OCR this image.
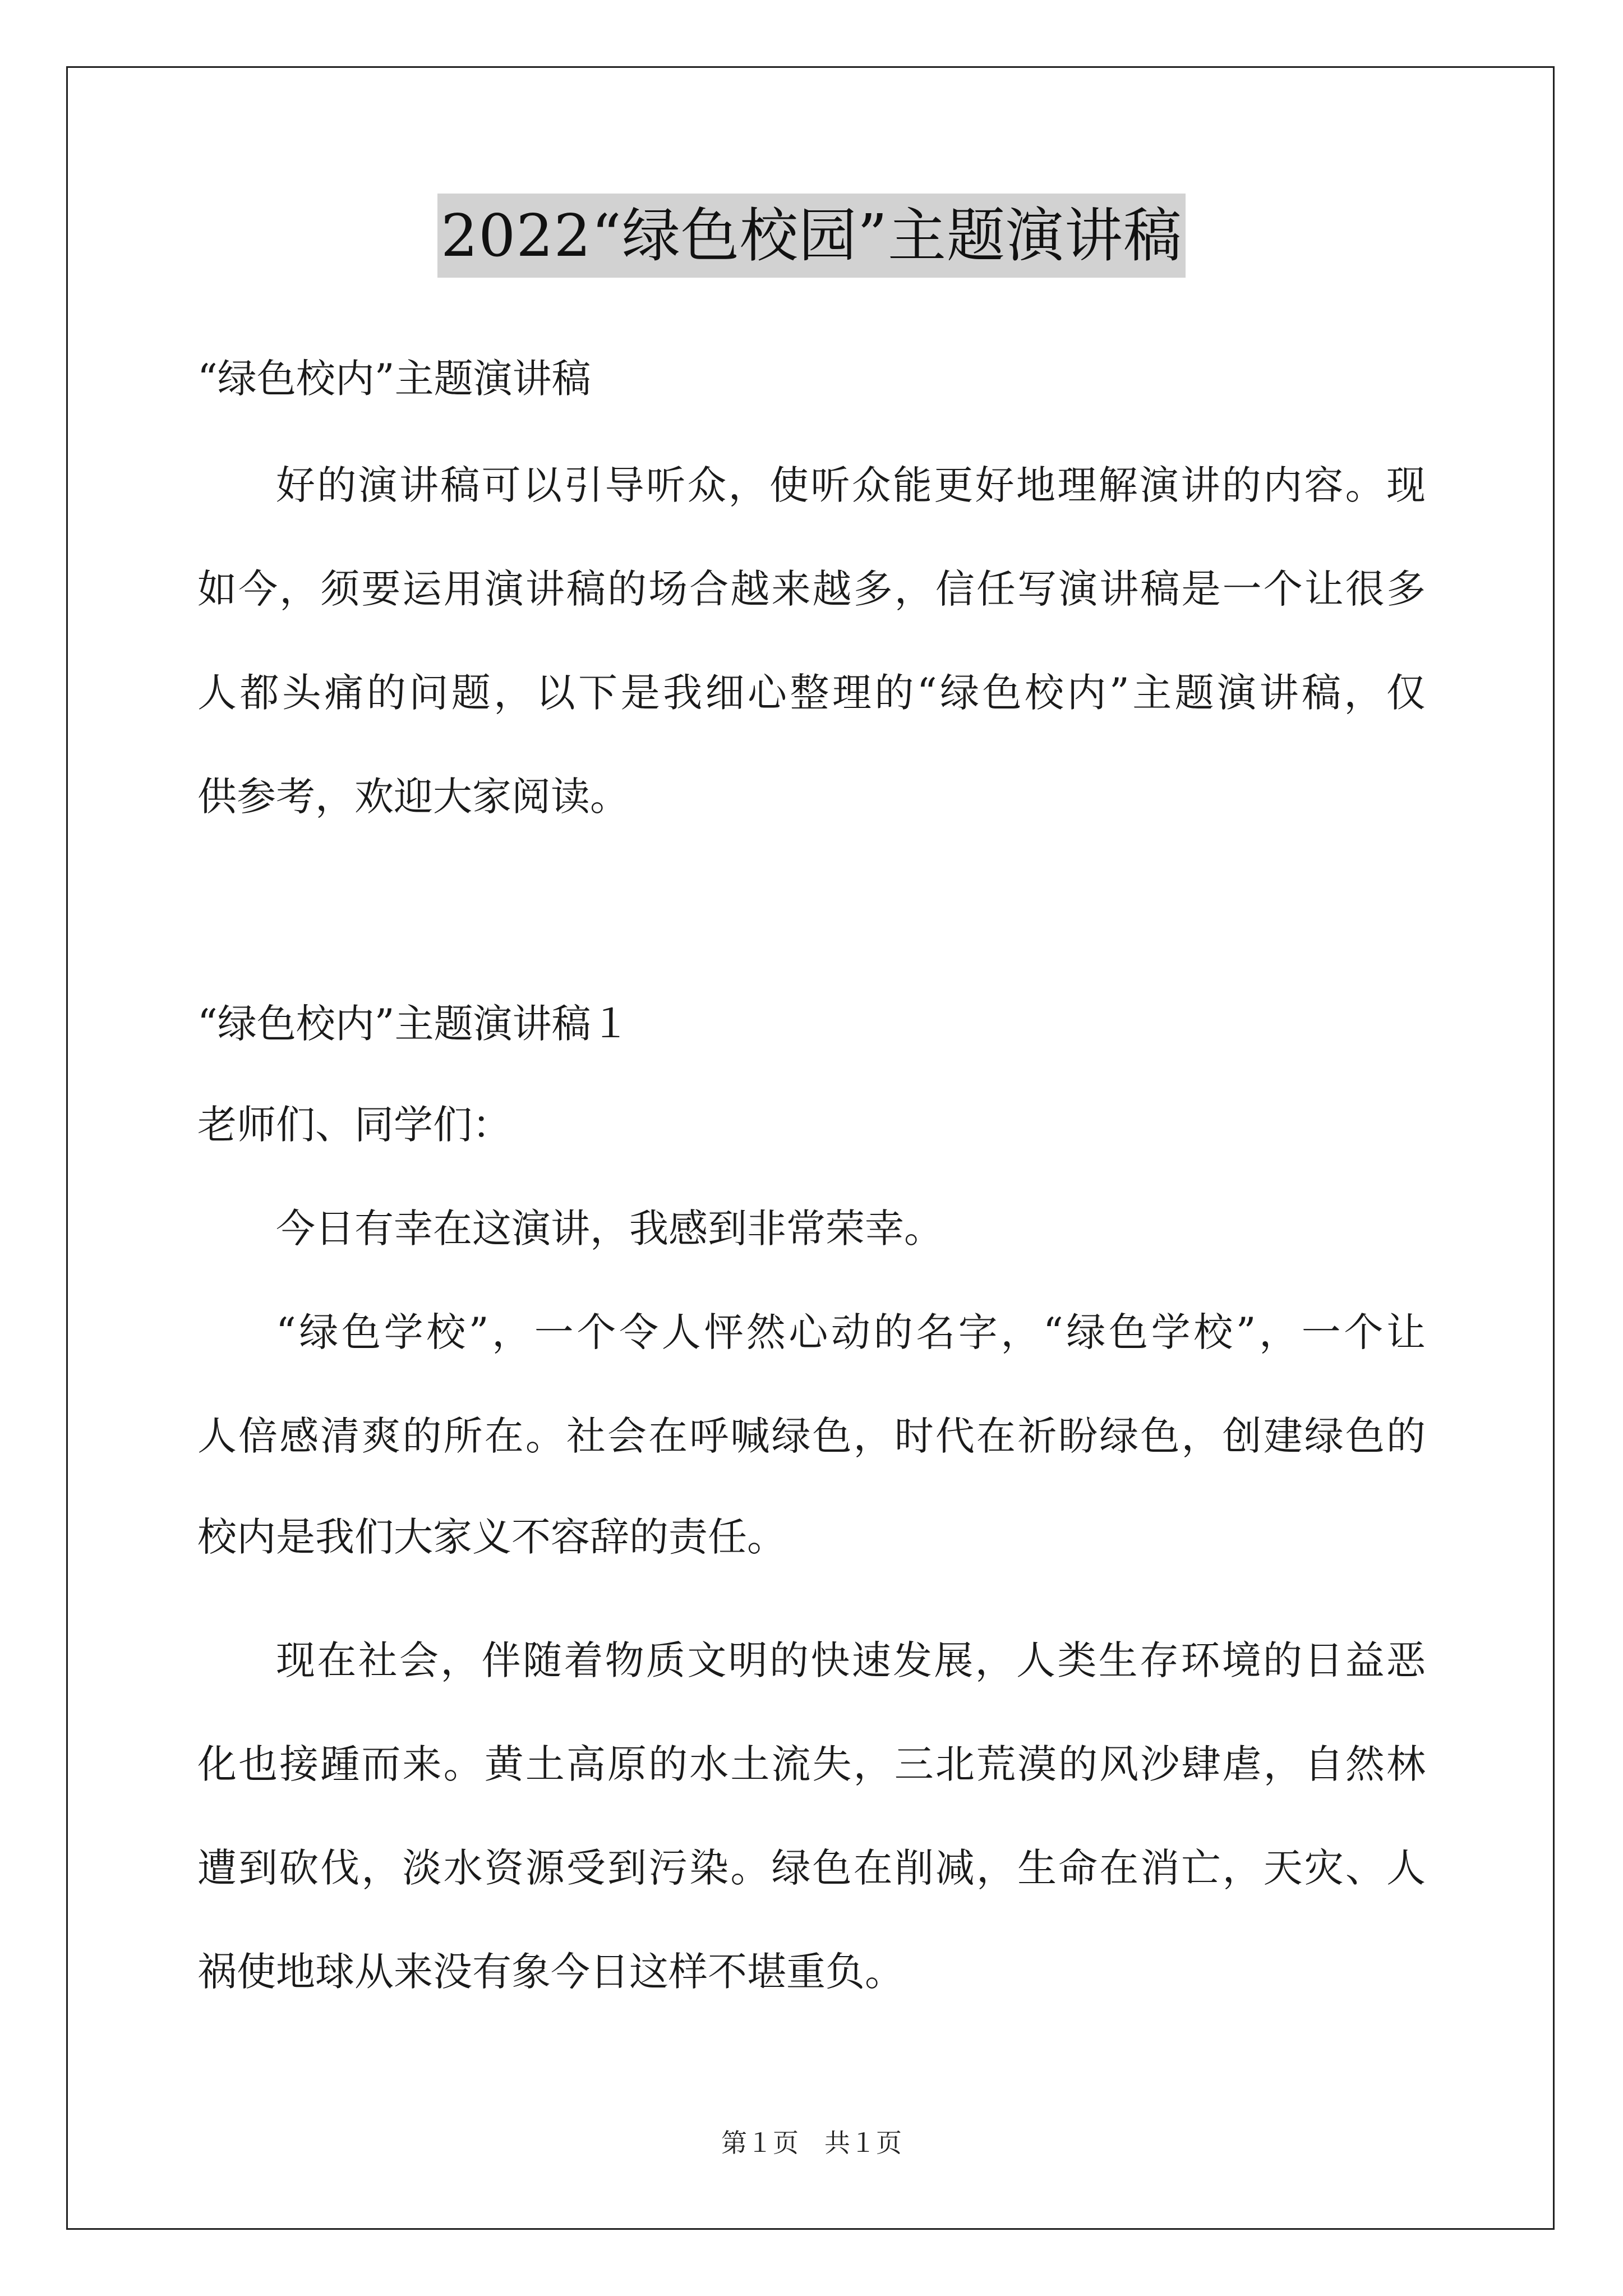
2022“绿色校园”主题演讲稿
“绿色校内”主题演讲稿
好的演讲稿可以引导听众，使听众能更好地理解演讲的内容。现
如今，须要运用演讲稿的场合越来越多，信任写演讲稿是一个让很多
人都头痛的问题，以下是我细心整理的“绿色校内”主题演讲稿，仅
供参考，欢迎大家阅读。
“绿色校内”主题演讲稿１
老师们、同学们：
今日有幸在这演讲，我感到非常荣幸。
“绿色学校”，一个令人怦然心动的名字，“绿色学校”，一个让
人倍感清爽的所在。社会在呼喊绿色，时代在祈盼绿色，创建绿色的
校内是我们大家义不容辞的责任。
现在社会，伴随着物质文明的快速发展，人类生存环境的日益恶
化也接踵而来。黄土高原的水土流失，三北荒漠的风沙肆虐，自然林
遭到砍伐，淡水资源受到污染。绿色在削减，生命在消亡，天灾、人
祸使地球从来没有象今日这样不堪重负。
第１页　共１页
